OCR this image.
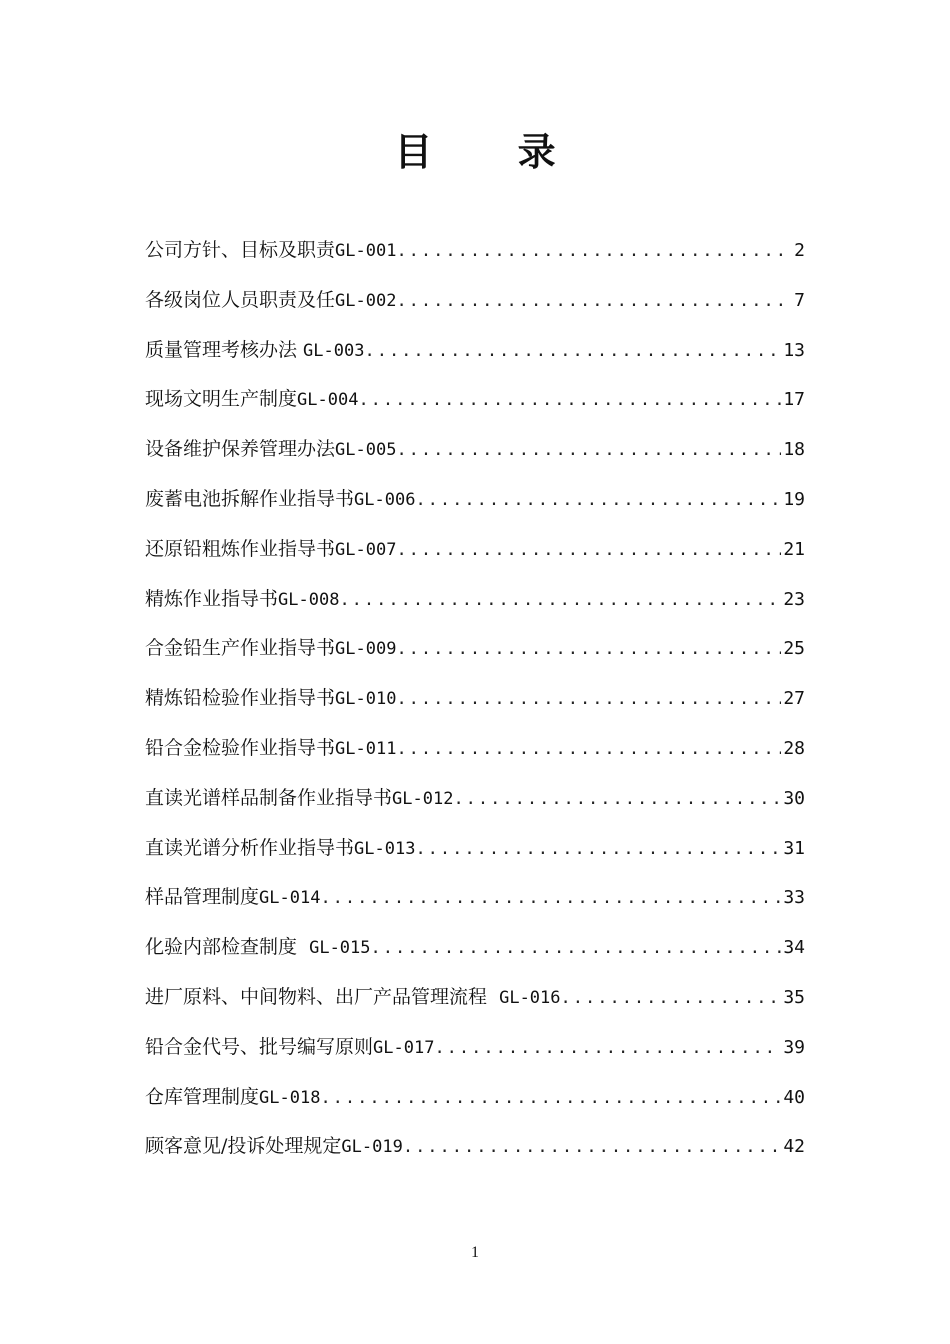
目 录
公司方针、目标及职责 GL-001 .....	2
各级岗位人员职责及任 GL-002 .....	7
质量管理考核办法 GL-003 .....	13
现场文明生产制度 GL-004 .....	17
设备维护保养管理办法 GL-005 .....	18
废蓄电池拆解作业指导书 GL-006 .....	19
还原铅粗炼作业指导书 GL-007 .....	21
精炼作业指导书 GL-008 .....	23
合金铅生产作业指导书 GL-009 .....	25
精炼铅检验作业指导书 GL-010 .....	27
铅合金检验作业指导书 GL-011 .....	28
直读光谱样品制备作业指导书 GL-012 .....	30
直读光谱分析作业指导书 GL-013 .....	31
样品管理制度 GL-014 .....	33
化验内部检查制度 GL-015 .....	34
进厂原料、中间物料、出厂产品管理流程 GL-016 .....	35
铅合金代号、批号编写原则 GL-017 .....	39
仓库管理制度 GL-018 .....	40
顾客意见/投诉处理规定 GL-019 .....	42
1
